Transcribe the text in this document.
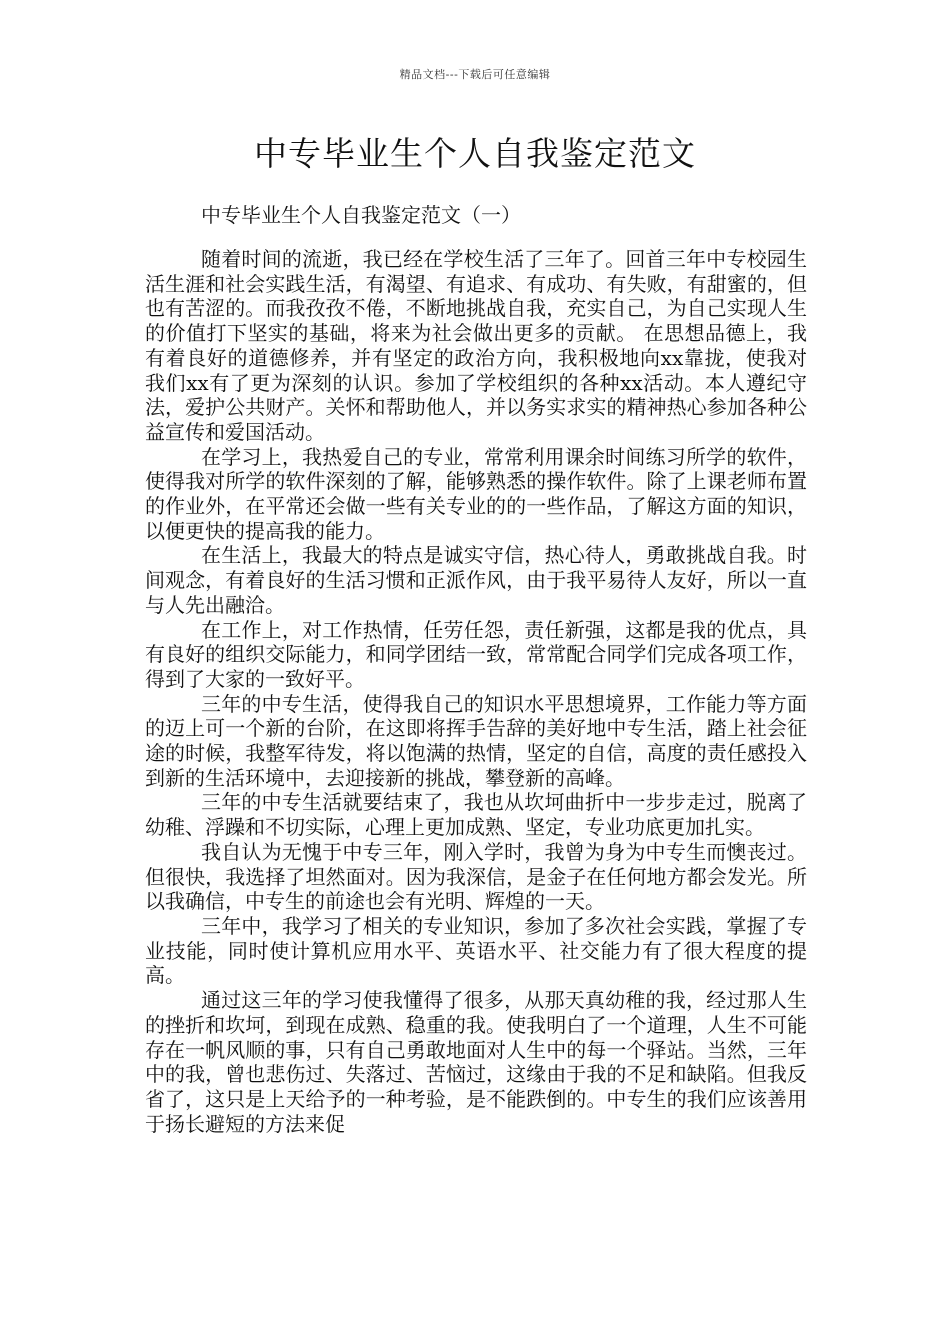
精品文档---下载后可任意编辑
中专毕业生个人自我鉴定范文
中专毕业生个人自我鉴定范文（一）

随着时间的流逝，我已经在学校生活了三年了。回首三年中专校园生活生涯和社会实践生活，有渴望、有追求、有成功、有失败，有甜蜜的，但也有苦涩的。而我孜孜不倦，不断地挑战自我，充实自己，为自己实现人生的价值打下坚实的基础，将来为社会做出更多的贡献。 在思想品德上，我有着良好的道德修养，并有坚定的政治方向，我积极地向xx靠拢，使我对我们xx有了更为深刻的认识。参加了学校组织的各种xx活动。本人遵纪守法，爱护公共财产。关怀和帮助他人，并以务实求实的精神热心参加各种公益宣传和爱国活动。

在学习上，我热爱自己的专业，常常利用课余时间练习所学的软件，使得我对所学的软件深刻的了解，能够熟悉的操作软件。除了上课老师布置的作业外，在平常还会做一些有关专业的的一些作品，了解这方面的知识，以便更快的提高我的能力。

在生活上，我最大的特点是诚实守信，热心待人，勇敢挑战自我。时间观念，有着良好的生活习惯和正派作风，由于我平易待人友好，所以一直与人先出融洽。

在工作上，对工作热情，任劳任怨，责任新强，这都是我的优点，具有良好的组织交际能力，和同学团结一致，常常配合同学们完成各项工作，得到了大家的一致好平。

三年的中专生活，使得我自己的知识水平思想境界，工作能力等方面的迈上可一个新的台阶，在这即将挥手告辞的美好地中专生活，踏上社会征途的时候，我整军待发，将以饱满的热情，坚定的自信，高度的责任感投入到新的生活环境中，去迎接新的挑战，攀登新的高峰。

三年的中专生活就要结束了，我也从坎坷曲折中一步步走过，脱离了幼稚、浮躁和不切实际，心理上更加成熟、坚定，专业功底更加扎实。

我自认为无愧于中专三年，刚入学时，我曾为身为中专生而懊丧过。但很快，我选择了坦然面对。因为我深信，是金子在任何地方都会发光。所以我确信，中专生的前途也会有光明、辉煌的一天。

三年中，我学习了相关的专业知识，参加了多次社会实践，掌握了专业技能，同时使计算机应用水平、英语水平、社交能力有了很大程度的提高。

通过这三年的学习使我懂得了很多，从那天真幼稚的我，经过那人生的挫折和坎坷，到现在成熟、稳重的我。使我明白了一个道理，人生不可能存在一帆风顺的事，只有自己勇敢地面对人生中的每一个驿站。当然，三年中的我，曾也悲伤过、失落过、苦恼过，这缘由于我的不足和缺陷。但我反省了，这只是上天给予的一种考验，是不能跌倒的。中专生的我们应该善用于扬长避短的方法来促
